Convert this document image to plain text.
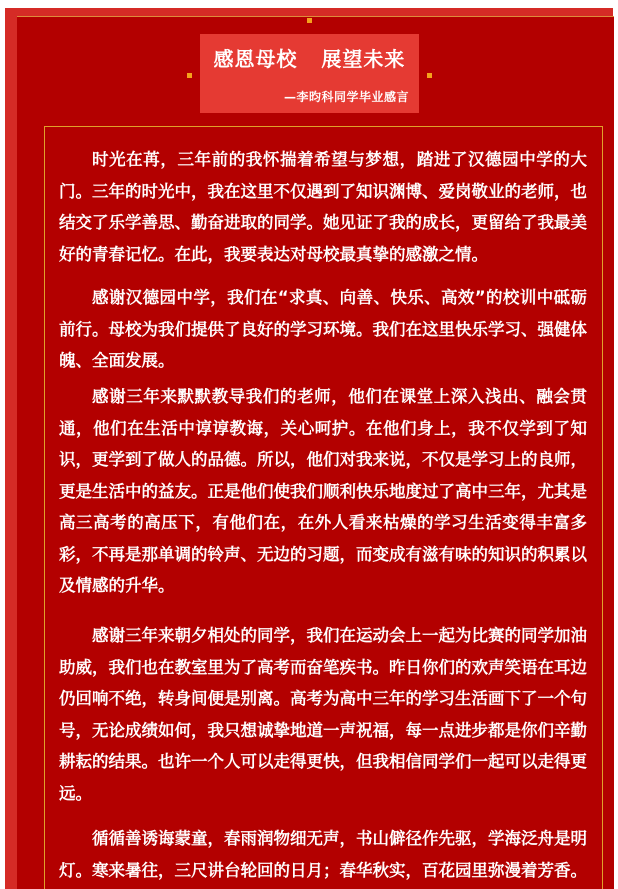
感恩母校   展望未来
—李昀科同学毕业感言

时光在苒，三年前的我怀揣着希望与梦想，踏进了汉德园中学的大门。三年的时光中，我在这里不仅遇到了知识渊博、爱岗敬业的老师，也结交了乐学善思、勤奋进取的同学。她见证了我的成长，更留给了我最美好的青春记忆。在此，我要表达对母校最真挚的感激之情。

感谢汉德园中学，我们在“求真、向善、快乐、高效”的校训中砥砺前行。母校为我们提供了良好的学习环境。我们在这里快乐学习、强健体魄、全面发展。

感谢三年来默默教导我们的老师，他们在课堂上深入浅出、融会贯通，他们在生活中谆谆教诲，关心呵护。在他们身上，我不仅学到了知识，更学到了做人的品德。所以，他们对我来说，不仅是学习上的良师，更是生活中的益友。正是他们使我们顺利快乐地度过了高中三年，尤其是高三高考的高压下，有他们在，在外人看来枯燥的学习生活变得丰富多彩，不再是那单调的铃声、无边的习题，而变成有滋有味的知识的积累以及情感的升华。

感谢三年来朝夕相处的同学，我们在运动会上一起为比赛的同学加油助威，我们也在教室里为了高考而奋笔疾书。昨日你们的欢声笑语在耳边仍回响不绝，转身间便是别离。高考为高中三年的学习生活画下了一个句号，无论成绩如何，我只想诚挚地道一声祝福，每一点进步都是你们辛勤耕耘的结果。也许一个人可以走得更快，但我相信同学们一起可以走得更远。

循循善诱诲蒙童，春雨润物细无声，书山僻径作先驱，学海泛舟是明灯。寒来暑往，三尺讲台轮回的日月；春华秋实，百花园里弥漫着芳香。
